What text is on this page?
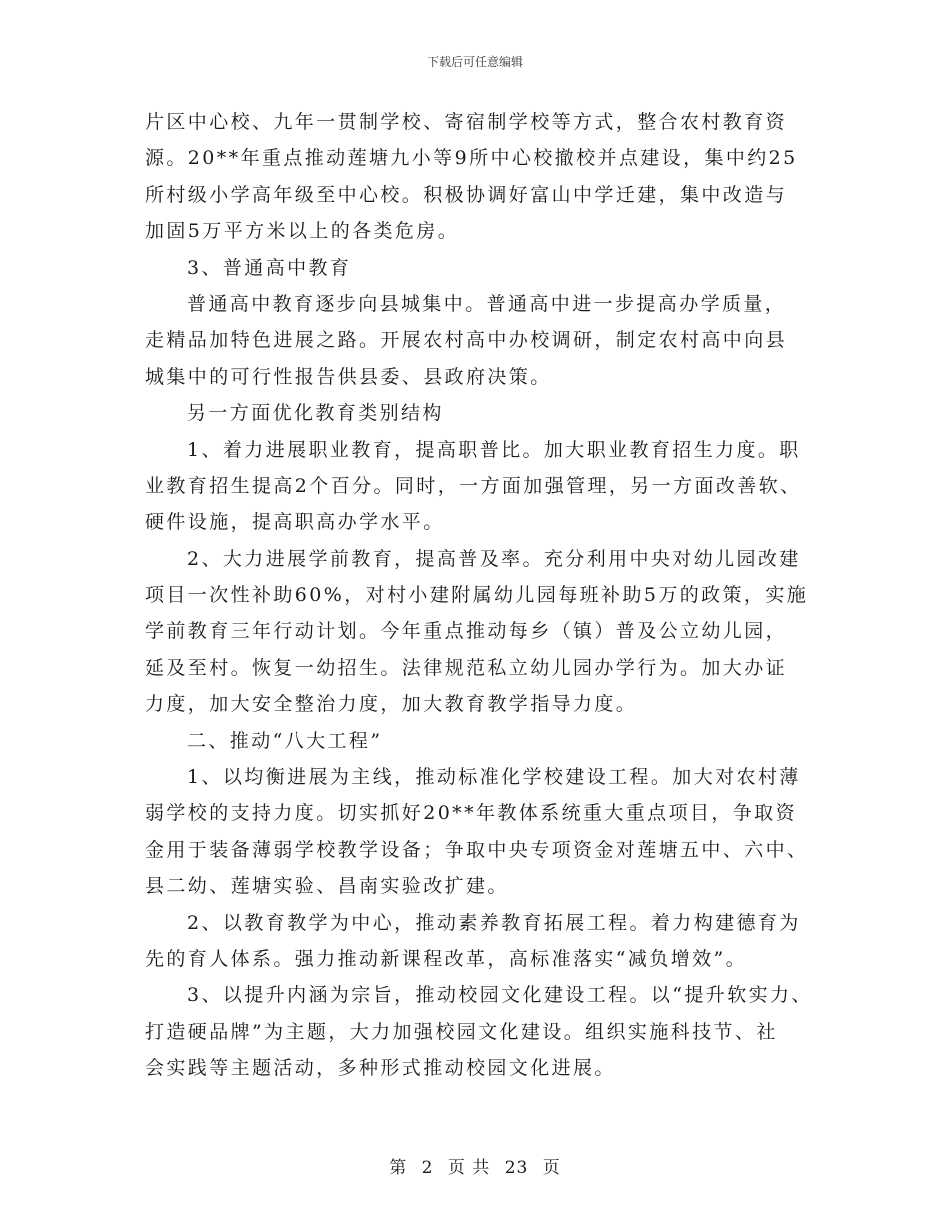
下载后可任意编辑
片区中心校、九年一贯制学校、寄宿制学校等方式，整合农村教育资
源。20**年重点推动莲塘九小等9所中心校撤校并点建设，集中约25
所村级小学高年级至中心校。积极协调好富山中学迁建，集中改造与
加固5万平方米以上的各类危房。
3、普通高中教育
普通高中教育逐步向县城集中。普通高中进一步提高办学质量，
走精品加特色进展之路。开展农村高中办校调研，制定农村高中向县
城集中的可行性报告供县委、县政府决策。
另一方面优化教育类别结构
1、着力进展职业教育，提高职普比。加大职业教育招生力度。职
业教育招生提高2个百分。同时，一方面加强管理，另一方面改善软、
硬件设施，提高职高办学水平。
2、大力进展学前教育，提高普及率。充分利用中央对幼儿园改建
项目一次性补助60%，对村小建附属幼儿园每班补助5万的政策，实施
学前教育三年行动计划。今年重点推动每乡（镇）普及公立幼儿园，
延及至村。恢复一幼招生。法律规范私立幼儿园办学行为。加大办证
力度，加大安全整治力度，加大教育教学指导力度。
二、推动“八大工程”
1、以均衡进展为主线，推动标准化学校建设工程。加大对农村薄
弱学校的支持力度。切实抓好20**年教体系统重大重点项目，争取资
金用于装备薄弱学校教学设备；争取中央专项资金对莲塘五中、六中、
县二幼、莲塘实验、昌南实验改扩建。
2、以教育教学为中心，推动素养教育拓展工程。着力构建德育为
先的育人体系。强力推动新课程改革，高标准落实“减负增效”。
3、以提升内涵为宗旨，推动校园文化建设工程。以“提升软实力、
打造硬品牌”为主题，大力加强校园文化建设。组织实施科技节、社
会实践等主题活动，多种形式推动校园文化进展。
第 2 页 共 23 页
